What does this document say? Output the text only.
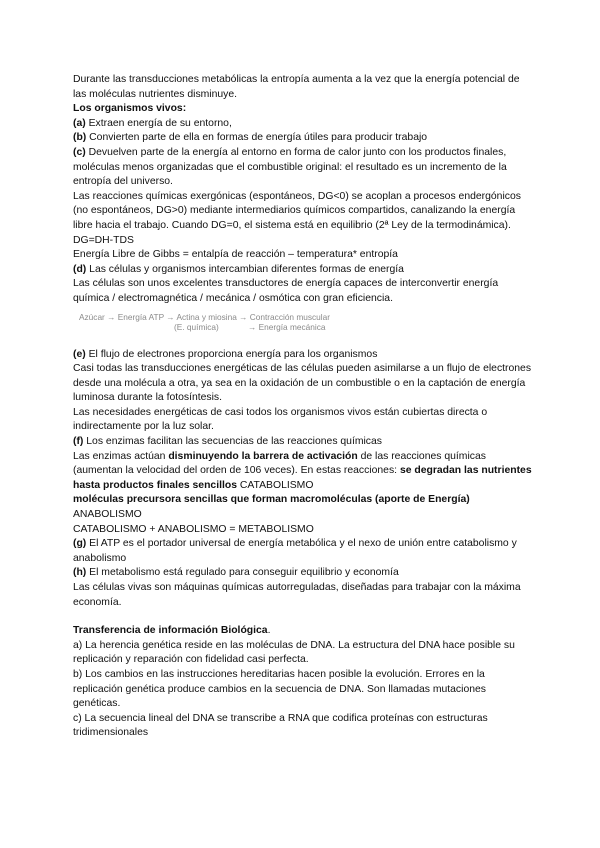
Durante las transducciones metabólicas la entropía aumenta a la vez que la energía potencial de las moléculas nutrientes disminuye.

Los organismos vivos:

(a) Extraen energía de su entorno,

(b) Convierten parte de ella en formas de energía útiles para producir trabajo

(c) Devuelven parte de la energía al entorno en forma de calor junto con los productos finales, moléculas menos organizadas que el combustible original: el resultado es un incremento de la entropía del universo.

Las reacciones químicas exergónicas (espontáneos, DG<0) se acoplan a procesos endergónicos (no espontáneos, DG>0) mediante intermediarios químicos compartidos, canalizando la energía libre hacia el trabajo. Cuando DG=0, el sistema está en equilibrio (2ª Ley de la termodinámica). DG=DH-TDS

Energía Libre de Gibbs = entalpía de reacción – temperatura* entropía

(d) Las células y organismos intercambian diferentes formas de energía

Las células son unos excelentes transductores de energía capaces de interconvertir energía química / electromagnética / mecánica / osmótica con gran eficiencia.

Azúcar → Energía ATP → Actina y miosina → Contracción muscular
(E. química)	→ Energía mecánica

(e) El flujo de electrones proporciona energía para los organismos

Casi todas las transducciones energéticas de las células pueden asimilarse a un flujo de electrones desde una molécula a otra, ya sea en la oxidación de un combustible o en la captación de energía luminosa durante la fotosíntesis.

Las necesidades energéticas de casi todos los organismos vivos están cubiertas directa o indirectamente por la luz solar.

(f) Los enzimas facilitan las secuencias de las reacciones químicas

Las enzimas actúan disminuyendo la barrera de activación de las reacciones químicas (aumentan la velocidad del orden de 106 veces). En estas reacciones: se degradan las nutrientes hasta productos finales sencillos CATABOLISMO

moléculas precursora sencillas que forman macromoléculas (aporte de Energía) ANABOLISMO

CATABOLISMO + ANABOLISMO = METABOLISMO

(g) El ATP es el portador universal de energía metabólica y el nexo de unión entre catabolismo y anabolismo

(h) El metabolismo está regulado para conseguir equilibrio y economía

Las células vivas son máquinas químicas autorreguladas, diseñadas para trabajar con la máxima economía.

Transferencia de información Biológica.

a) La herencia genética reside en las moléculas de DNA. La estructura del DNA hace posible su replicación y reparación con fidelidad casi perfecta.

b) Los cambios en las instrucciones hereditarias hacen posible la evolución. Errores en la replicación genética produce cambios en la secuencia de DNA. Son llamadas mutaciones genéticas.

c) La secuencia lineal del DNA se transcribe a RNA que codifica proteínas con estructuras tridimensionales
